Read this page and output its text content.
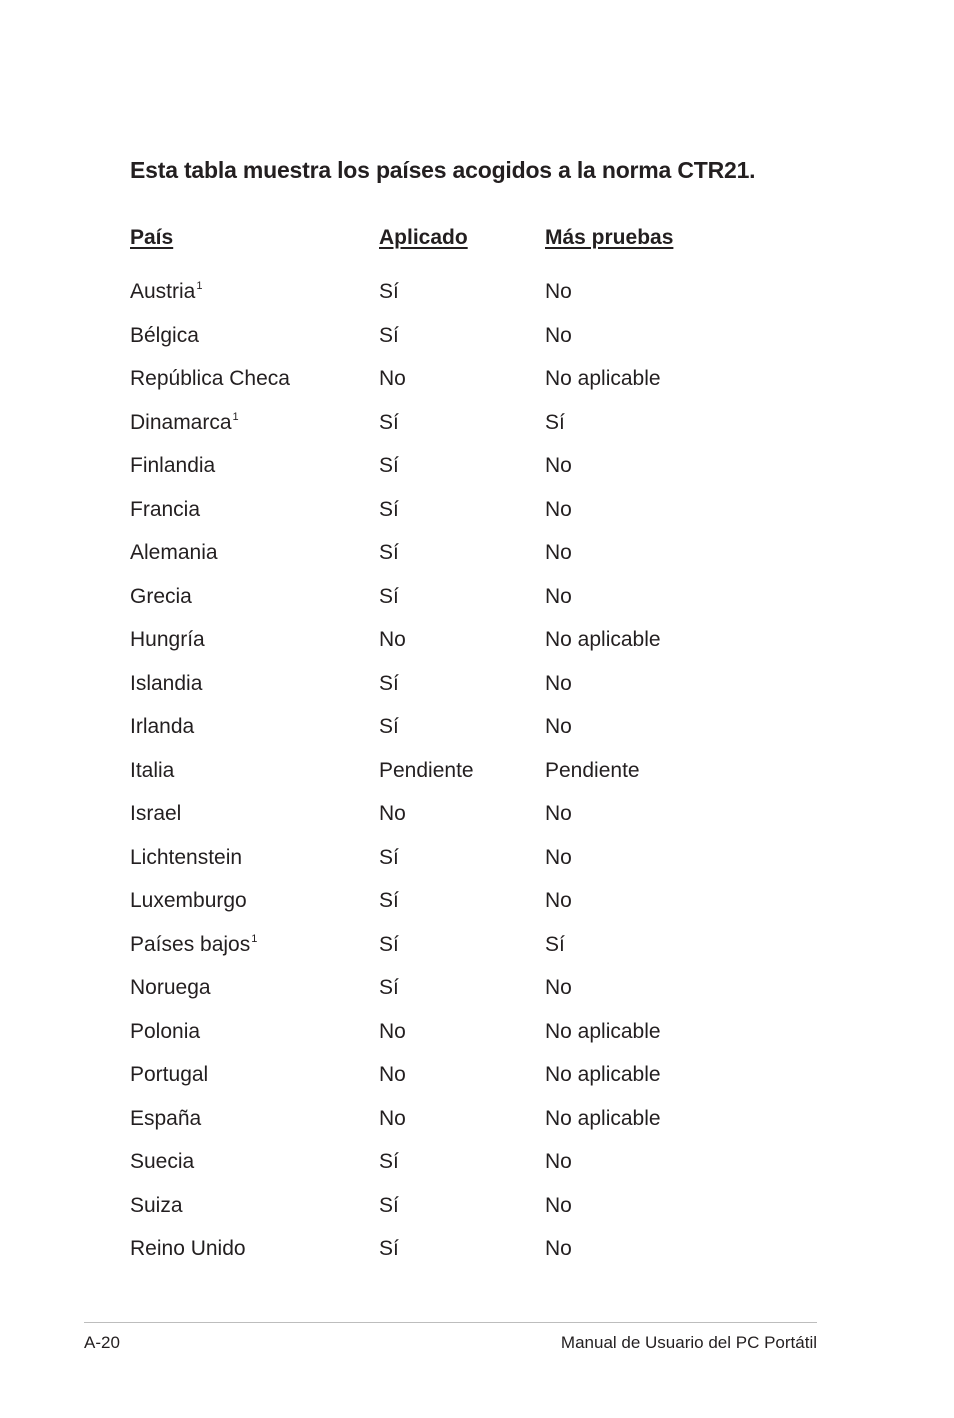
Esta tabla muestra los países acogidos a la norma CTR21.
País	Aplicado	Más pruebas
Austria$^1$	Sí	No
Bélgica	Sí	No
República Checa	No	No aplicable
Dinamarca$^1$	Sí	Sí
Finlandia	Sí	No
Francia	Sí	No
Alemania	Sí	No
Grecia	Sí	No
Hungría	No	No aplicable
Islandia	Sí	No
Irlanda	Sí	No
Italia	Pendiente	Pendiente
Israel	No	No
Lichtenstein	Sí	No
Luxemburgo	Sí	No
Países bajos$^1$	Sí	Sí
Noruega	Sí	No
Polonia	No	No aplicable
Portugal	No	No aplicable
España	No	No aplicable
Suecia	Sí	No
Suiza	Sí	No
Reino Unido	Sí	No
A-20	Manual de Usuario del PC Portátil
